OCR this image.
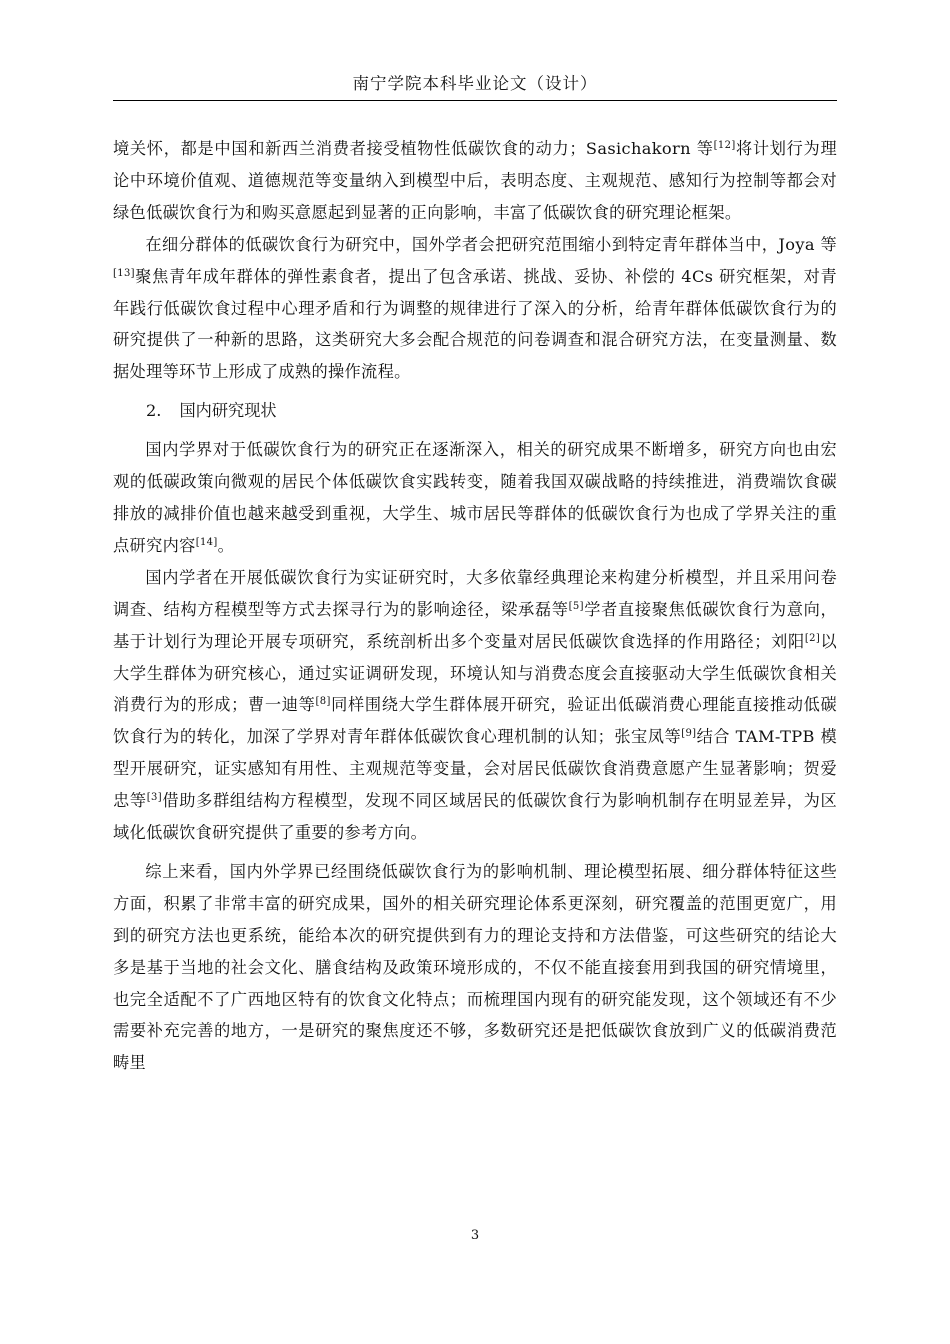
南宁学院本科毕业论文（设计）

境关怀，都是中国和新西兰消费者接受植物性低碳饮食的动力；Sasichakorn 等[12]将计划行为理论中环境价值观、道德规范等变量纳入到模型中后，表明态度、主观规范、感知行为控制等都会对绿色低碳饮食行为和购买意愿起到显著的正向影响，丰富了低碳饮食的研究理论框架。

在细分群体的低碳饮食行为研究中，国外学者会把研究范围缩小到特定青年群体当中，Joya 等[13]聚焦青年成年群体的弹性素食者，提出了包含承诺、挑战、妥协、补偿的 4Cs 研究框架，对青年践行低碳饮食过程中心理矛盾和行为调整的规律进行了深入的分析，给青年群体低碳饮食行为的研究提供了一种新的思路，这类研究大多会配合规范的问卷调查和混合研究方法，在变量测量、数据处理等环节上形成了成熟的操作流程。

2. 国内研究现状

国内学界对于低碳饮食行为的研究正在逐渐深入，相关的研究成果不断增多，研究方向也由宏观的低碳政策向微观的居民个体低碳饮食实践转变，随着我国双碳战略的持续推进，消费端饮食碳排放的减排价值也越来越受到重视，大学生、城市居民等群体的低碳饮食行为也成了学界关注的重点研究内容[14]。

国内学者在开展低碳饮食行为实证研究时，大多依靠经典理论来构建分析模型，并且采用问卷调查、结构方程模型等方式去探寻行为的影响途径，梁承磊等[5]学者直接聚焦低碳饮食行为意向，基于计划行为理论开展专项研究，系统剖析出多个变量对居民低碳饮食选择的作用路径；刘阳[2]以大学生群体为研究核心，通过实证调研发现，环境认知与消费态度会直接驱动大学生低碳饮食相关消费行为的形成；曹一迪等[8]同样围绕大学生群体展开研究，验证出低碳消费心理能直接推动低碳饮食行为的转化，加深了学界对青年群体低碳饮食心理机制的认知；张宝凤等[9]结合 TAM-TPB 模型开展研究，证实感知有用性、主观规范等变量，会对居民低碳饮食消费意愿产生显著影响；贺爱忠等[3]借助多群组结构方程模型，发现不同区域居民的低碳饮食行为影响机制存在明显差异，为区域化低碳饮食研究提供了重要的参考方向。

综上来看，国内外学界已经围绕低碳饮食行为的影响机制、理论模型拓展、细分群体特征这些方面，积累了非常丰富的研究成果，国外的相关研究理论体系更深刻，研究覆盖的范围更宽广，用到的研究方法也更系统，能给本次的研究提供到有力的理论支持和方法借鉴，可这些研究的结论大多是基于当地的社会文化、膳食结构及政策环境形成的，不仅不能直接套用到我国的研究情境里，也完全适配不了广西地区特有的饮食文化特点；而梳理国内现有的研究能发现，这个领域还有不少需要补充完善的地方，一是研究的聚焦度还不够，多数研究还是把低碳饮食放到广义的低碳消费范畴里

3
